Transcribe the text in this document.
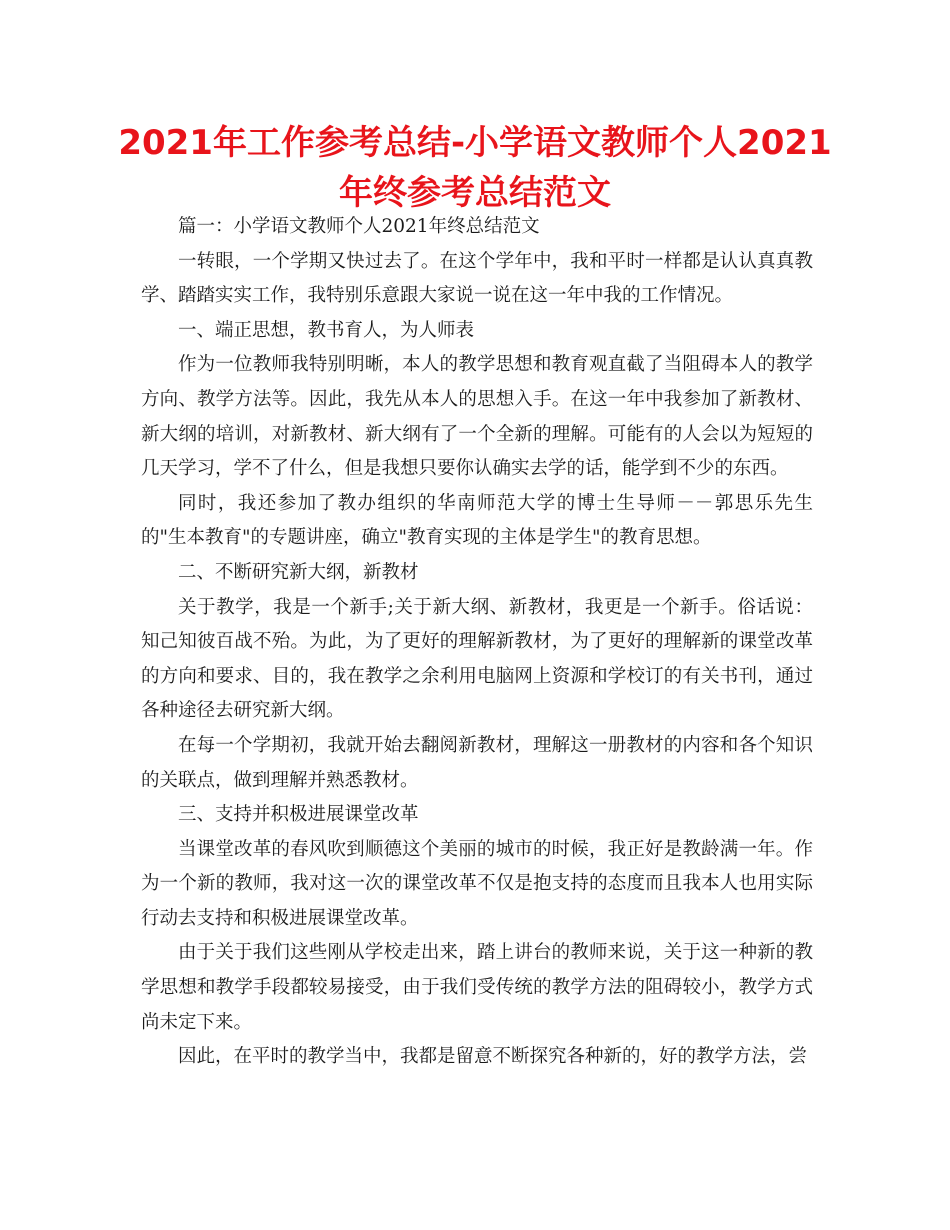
2021年工作参考总结-小学语文教师个人2021
年终参考总结范文

篇一：小学语文教师个人2021年终总结范文

一转眼，一个学期又快过去了。在这个学年中，我和平时一样都是认认真真教学、踏踏实实工作，我特别乐意跟大家说一说在这一年中我的工作情况。

一、端正思想，教书育人，为人师表

作为一位教师我特别明晰，本人的教学思想和教育观直截了当阻碍本人的教学方向、教学方法等。因此，我先从本人的思想入手。在这一年中我参加了新教材、新大纲的培训，对新教材、新大纲有了一个全新的理解。可能有的人会以为短短的几天学习，学不了什么，但是我想只要你认确实去学的话，能学到不少的东西。

同时，我还参加了教办组织的华南师范大学的博士生导师－－郭思乐先生的"生本教育"的专题讲座，确立"教育实现的主体是学生"的教育思想。

二、不断研究新大纲，新教材

关于教学，我是一个新手;关于新大纲、新教材，我更是一个新手。俗话说：知己知彼百战不殆。为此，为了更好的理解新教材，为了更好的理解新的课堂改革的方向和要求、目的，我在教学之余利用电脑网上资源和学校订的有关书刊，通过各种途径去研究新大纲。

在每一个学期初，我就开始去翻阅新教材，理解这一册教材的内容和各个知识的关联点，做到理解并熟悉教材。

三、支持并积极进展课堂改革

当课堂改革的春风吹到顺德这个美丽的城市的时候，我正好是教龄满一年。作为一个新的教师，我对这一次的课堂改革不仅是抱支持的态度而且我本人也用实际行动去支持和积极进展课堂改革。

由于关于我们这些刚从学校走出来，踏上讲台的教师来说，关于这一种新的教学思想和教学手段都较易接受，由于我们受传统的教学方法的阻碍较小，教学方式尚未定下来。

因此，在平时的教学当中，我都是留意不断探究各种新的，好的教学方法，尝
